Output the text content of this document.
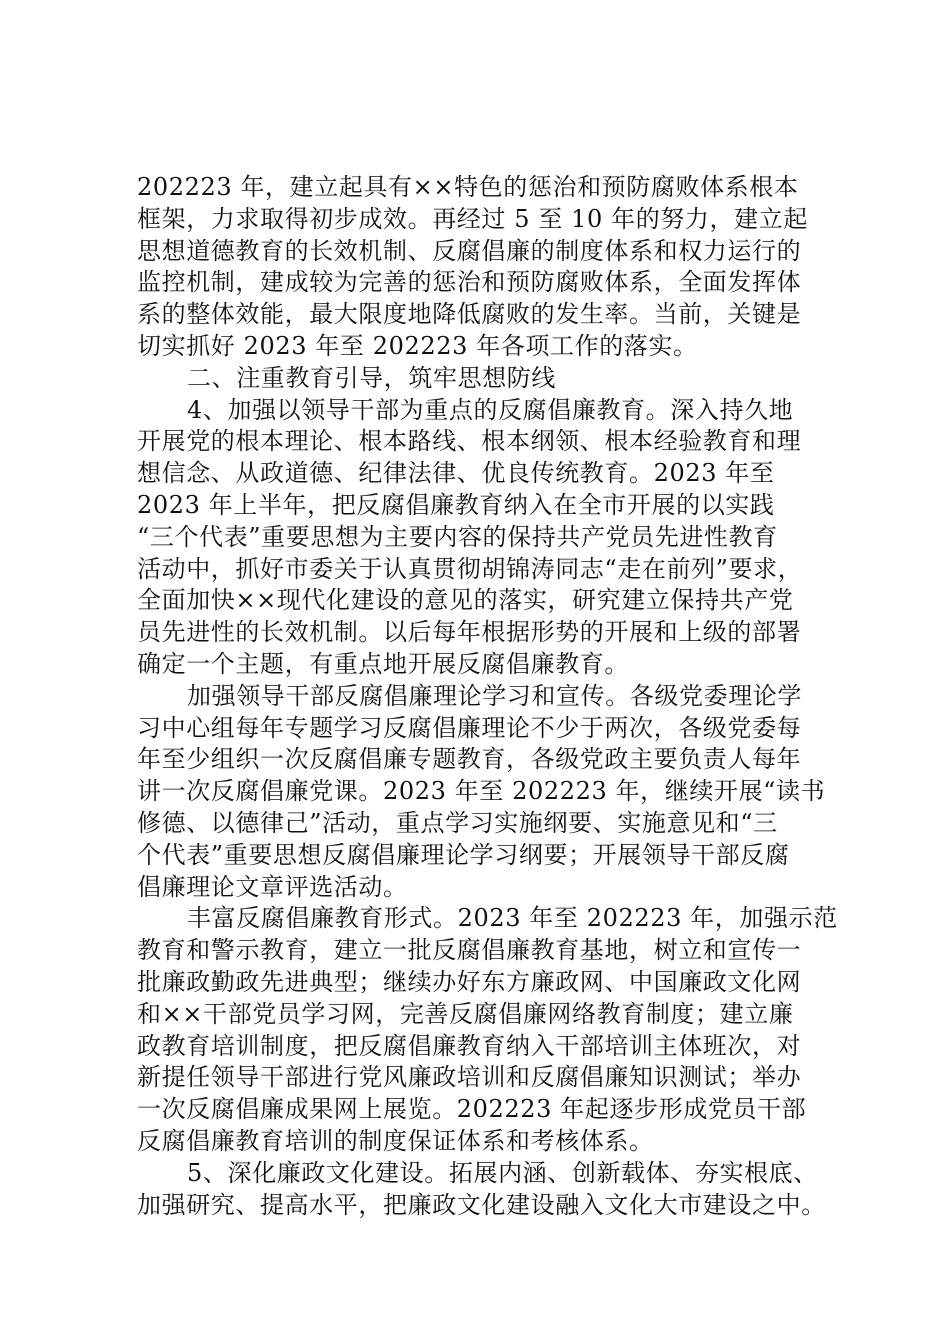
202223 年，建立起具有××特色的惩治和预防腐败体系根本
框架，力求取得初步成效。再经过 5 至 10 年的努力，建立起
思想道德教育的长效机制、反腐倡廉的制度体系和权力运行的
监控机制，建成较为完善的惩治和预防腐败体系，全面发挥体
系的整体效能，最大限度地降低腐败的发生率。当前，关键是
切实抓好 2023 年至 202223 年各项工作的落实。
二、注重教育引导，筑牢思想防线
4、加强以领导干部为重点的反腐倡廉教育。深入持久地
开展党的根本理论、根本路线、根本纲领、根本经验教育和理
想信念、从政道德、纪律法律、优良传统教育。2023 年至
2023 年上半年，把反腐倡廉教育纳入在全市开展的以实践
“三个代表”重要思想为主要内容的保持共产党员先进性教育
活动中，抓好市委关于认真贯彻胡锦涛同志“走在前列”要求，
全面加快××现代化建设的意见的落实，研究建立保持共产党
员先进性的长效机制。以后每年根据形势的开展和上级的部署
确定一个主题，有重点地开展反腐倡廉教育。
加强领导干部反腐倡廉理论学习和宣传。各级党委理论学
习中心组每年专题学习反腐倡廉理论不少于两次，各级党委每
年至少组织一次反腐倡廉专题教育，各级党政主要负责人每年
讲一次反腐倡廉党课。2023 年至 202223 年，继续开展“读书
修德、以德律己”活动，重点学习实施纲要、实施意见和“三
个代表”重要思想反腐倡廉理论学习纲要；开展领导干部反腐
倡廉理论文章评选活动。
丰富反腐倡廉教育形式。2023 年至 202223 年，加强示范
教育和警示教育，建立一批反腐倡廉教育基地，树立和宣传一
批廉政勤政先进典型；继续办好东方廉政网、中国廉政文化网
和××干部党员学习网，完善反腐倡廉网络教育制度；建立廉
政教育培训制度，把反腐倡廉教育纳入干部培训主体班次，对
新提任领导干部进行党风廉政培训和反腐倡廉知识测试；举办
一次反腐倡廉成果网上展览。202223 年起逐步形成党员干部
反腐倡廉教育培训的制度保证体系和考核体系。
5、深化廉政文化建设。拓展内涵、创新载体、夯实根底、
加强研究、提高水平，把廉政文化建设融入文化大市建设之中。
